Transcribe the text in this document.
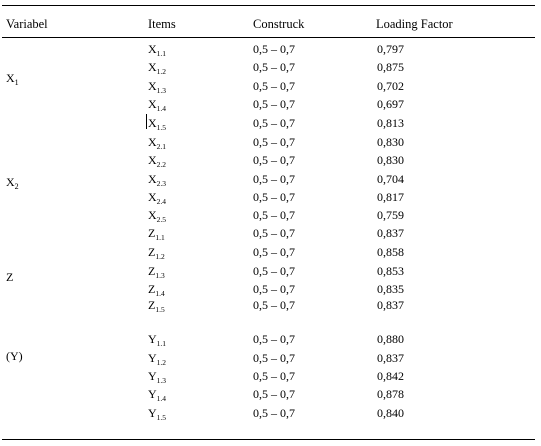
Variabel	Items	Construck	Loading Factor
$X_1$
$X_{1.1}$	0,5 – 0,7	0,797
$X_{1.2}$	0,5 – 0,7	0,875
$X_{1.3}$	0,5 – 0,7	0,702
$X_{1.4}$	0,5 – 0,7	0,697
$X_{1.5}$	0,5 – 0,7	0,813
$X_2$
$X_{2.1}$	0,5 – 0,7	0,830
$X_{2.2}$	0,5 – 0,7	0,830
$X_{2.3}$	0,5 – 0,7	0,704
$X_{2.4}$	0,5 – 0,7	0,817
$X_{2.5}$	0,5 – 0,7	0,759
Z
$Z_{1.1}$	0,5 – 0,7	0,837
$Z_{1.2}$	0,5 – 0,7	0,858
$Z_{1.3}$	0,5 – 0,7	0,853
$Z_{1.4}$	0,5 – 0,7	0,835
$Z_{1.5}$	0,5 – 0,7	0,837
(Y)
$Y_{1.1}$	0,5 – 0,7	0,880
$Y_{1.2}$	0,5 – 0,7	0,837
$Y_{1.3}$	0,5 – 0,7	0,842
$Y_{1.4}$	0,5 – 0,7	0,878
$Y_{1.5}$	0,5 – 0,7	0,840
